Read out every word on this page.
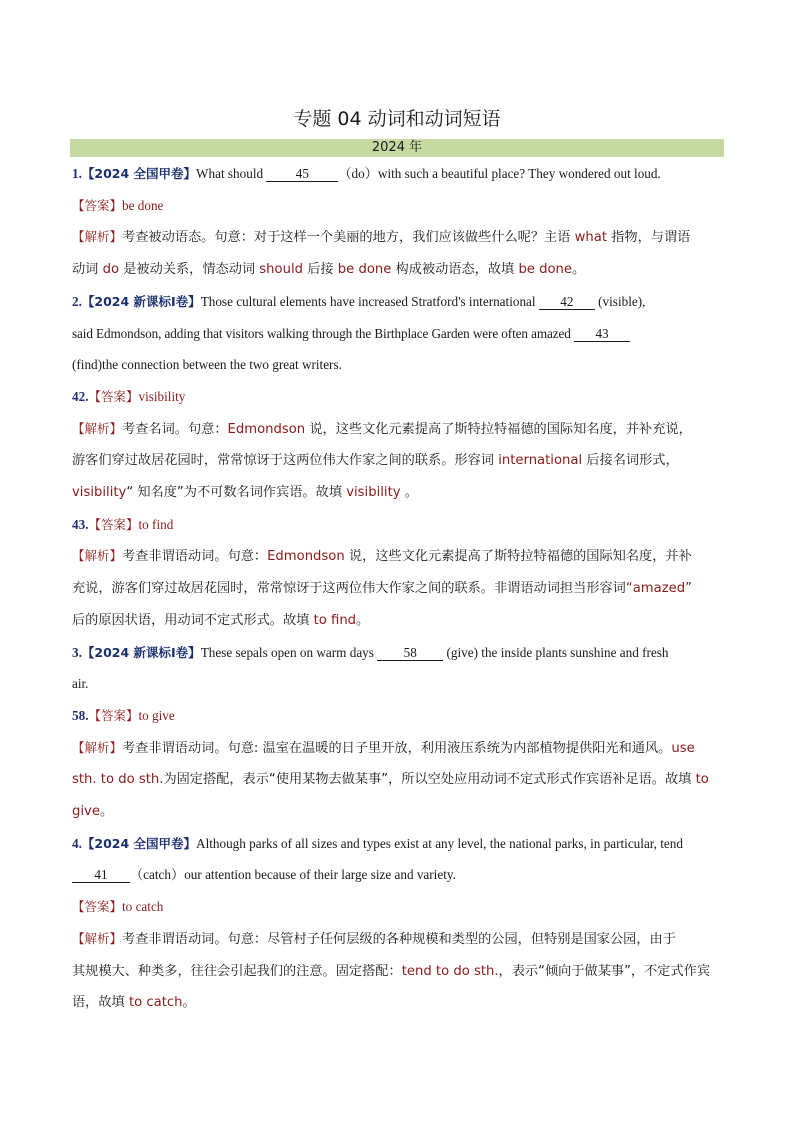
专题 04 动词和动词短语
2024 年

1.【2024 全国甲卷】What should 45 （do）with such a beautiful place? They wondered out loud.

【答案】be done

【解析】考查被动语态。句意：对于这样一个美丽的地方，我们应该做些什么呢？主语 what 指物，与谓语

动词 do 是被动关系，情态动词 should 后接 be done 构成被动语态，故填 be done。

2.【2024 新课标Ⅰ卷】Those cultural elements have increased Stratford's international 42 (visible),

said Edmondson, adding that visitors walking through the Birthplace Garden were often amazed 43

(find)the connection between the two great writers.

42.【答案】visibility

【解析】考查名词。句意：Edmondson 说，这些文化元素提高了斯特拉特福德的国际知名度，并补充说，

游客们穿过故居花园时，常常惊讶于这两位伟大作家之间的联系。形容词 international 后接名词形式，

visibility“ 知名度”为不可数名词作宾语。故填 visibility 。

43.【答案】to find

【解析】考查非谓语动词。句意：Edmondson 说，这些文化元素提高了斯特拉特福德的国际知名度，并补

充说，游客们穿过故居花园时，常常惊讶于这两位伟大作家之间的联系。非谓语动词担当形容词“amazed”

后的原因状语，用动词不定式形式。故填 to find。

3.【2024 新课标Ⅰ卷】These sepals open on warm days 58 (give) the inside plants sunshine and fresh

air.

58.【答案】to give

【解析】考查非谓语动词。句意: 温室在温暖的日子里开放，利用液压系统为内部植物提供阳光和通风。use

sth. to do sth.为固定搭配，表示“使用某物去做某事”，所以空处应用动词不定式形式作宾语补足语。故填 to

give。

4.【2024 全国甲卷】Although parks of all sizes and types exist at any level, the national parks, in particular, tend

41 （catch）our attention because of their large size and variety.

【答案】to catch

【解析】考查非谓语动词。句意：尽管村子任何层级的各种规模和类型的公园，但特别是国家公园，由于

其规模大、种类多，往往会引起我们的注意。固定搭配：tend to do sth.，表示“倾向于做某事”，不定式作宾

语，故填 to catch。
